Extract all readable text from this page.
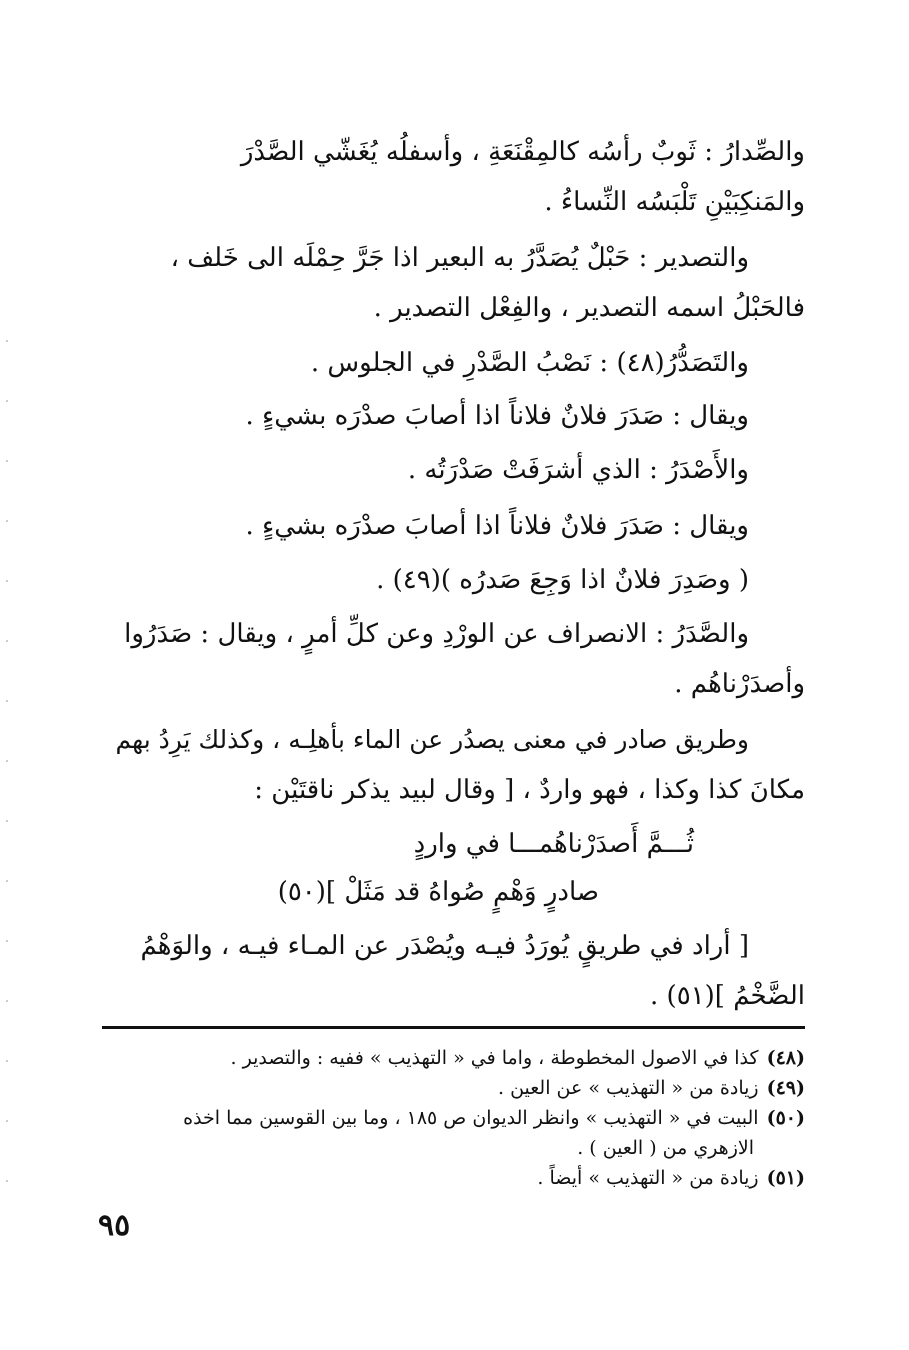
والصِّدارُ : ثَوبٌ رأسُه كالمِقْنَعَةِ ، وأسفلُه يُغَشّي الصَّدْرَ
والمَنكِبَيْنِ تَلْبَسُه النِّساءُ .
والتصدير : حَبْلٌ يُصَدَّرُ به البعير اذا جَرَّ حِمْلَه الى خَلف ،
فالحَبْلُ اسمه التصدير ، والفِعْل التصدير .
والتَصَدُّرُ(٤٨) : نَصْبُ الصَّدْرِ في الجلوس .
ويقال : صَدَرَ فلانٌ فلاناً اذا أصابَ صدْرَه بشيءٍ .
والأَصْدَرُ : الذي أشرَفَتْ صَدْرَتُه .
ويقال : صَدَرَ فلانٌ فلاناً اذا أصابَ صدْرَه بشيءٍ .
( وصَدِرَ فلانٌ اذا وَجِعَ صَدرُه )(٤٩) .
والصَّدَرُ : الانصراف عن الورْدِ وعن كلِّ أمرٍ ، ويقال : صَدَرُوا
وأصدَرْناهُم .
وطريق صادر في معنى يصدُر عن الماء بأهلِـه ، وكذلك يَرِدُ بهم
مكانَ كذا وكذا ، فهو واردٌ ، [ وقال لبيد يذكر ناقتَيْن :
ثُـــمَّ أَصدَرْناهُمـــا في واردٍ
صادرٍ وَهْمٍ صُواهُ قد مَثَلْ ](٥٠)
[ أراد في طريقٍ يُورَدُ فيـه ويُصْدَر عن المـاء فيـه ، والوَهْمُ
الضَّخْمُ ](٥١) .
(٤٨)كذا في الاصول المخطوطة ، واما في « التهذيب » ففيه : والتصدير .
(٤٩)زيادة من « التهذيب » عن العين .
(٥٠)البيت في « التهذيب » وانظر الديوان ص ١٨٥ ، وما بين القوسين مما اخذه
الازهري من ( العين ) .
(٥١)زيادة من « التهذيب » أيضاً .
٩٥
